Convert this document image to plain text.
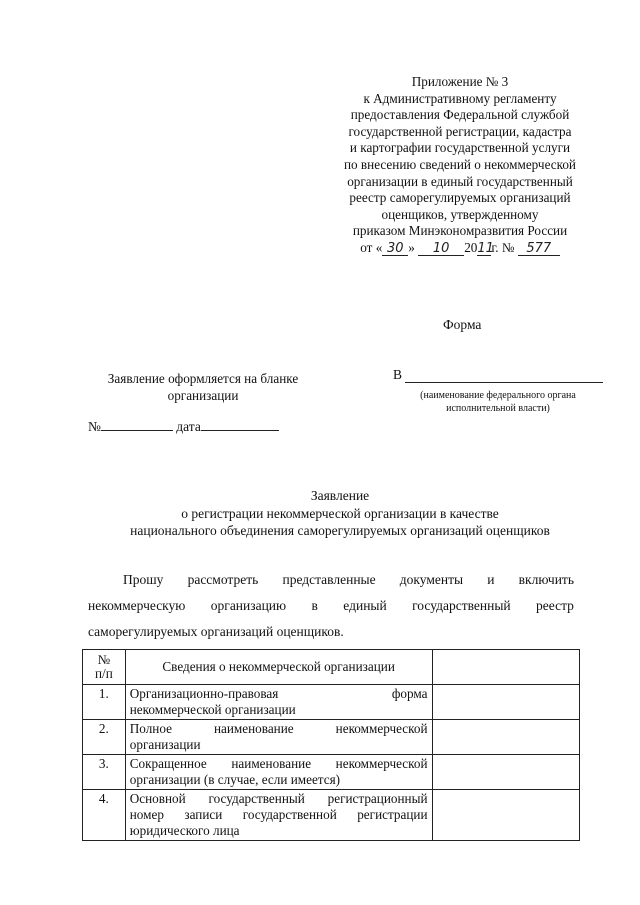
Приложение № 3
к Административному регламенту
предоставления Федеральной службой
государственной регистрации, кадастра
и картографии государственной услуги
по внесению сведений о некоммерческой
организации в единый государственный
реестр саморегулируемых организаций
оценщиков, утвержденному
приказом Минэкономразвития России
от « 30 » 10 2011г. № 577
Форма
Заявление оформляется на бланке
организации
В
(наименование федерального органа
исполнительной власти)
№	дата
Заявление
о регистрации некоммерческой организации в качестве
национального объединения саморегулируемых организаций оценщиков
Прошу рассмотреть представленные документы и включить
некоммерческую организацию в единый государственный реестр
саморегулируемых организаций оценщиков.
№
п/п	Сведения о некоммерческой организации	
1.	Организационно-правовая форма
некоммерческой организации	

2.	Полное наименование некоммерческой
организации	

3.	Сокращенное наименование некоммерческой
организации (в случае, если имеется)	

4.	Основной государственный регистрационный
номер записи государственной регистрации
юридического лица	
